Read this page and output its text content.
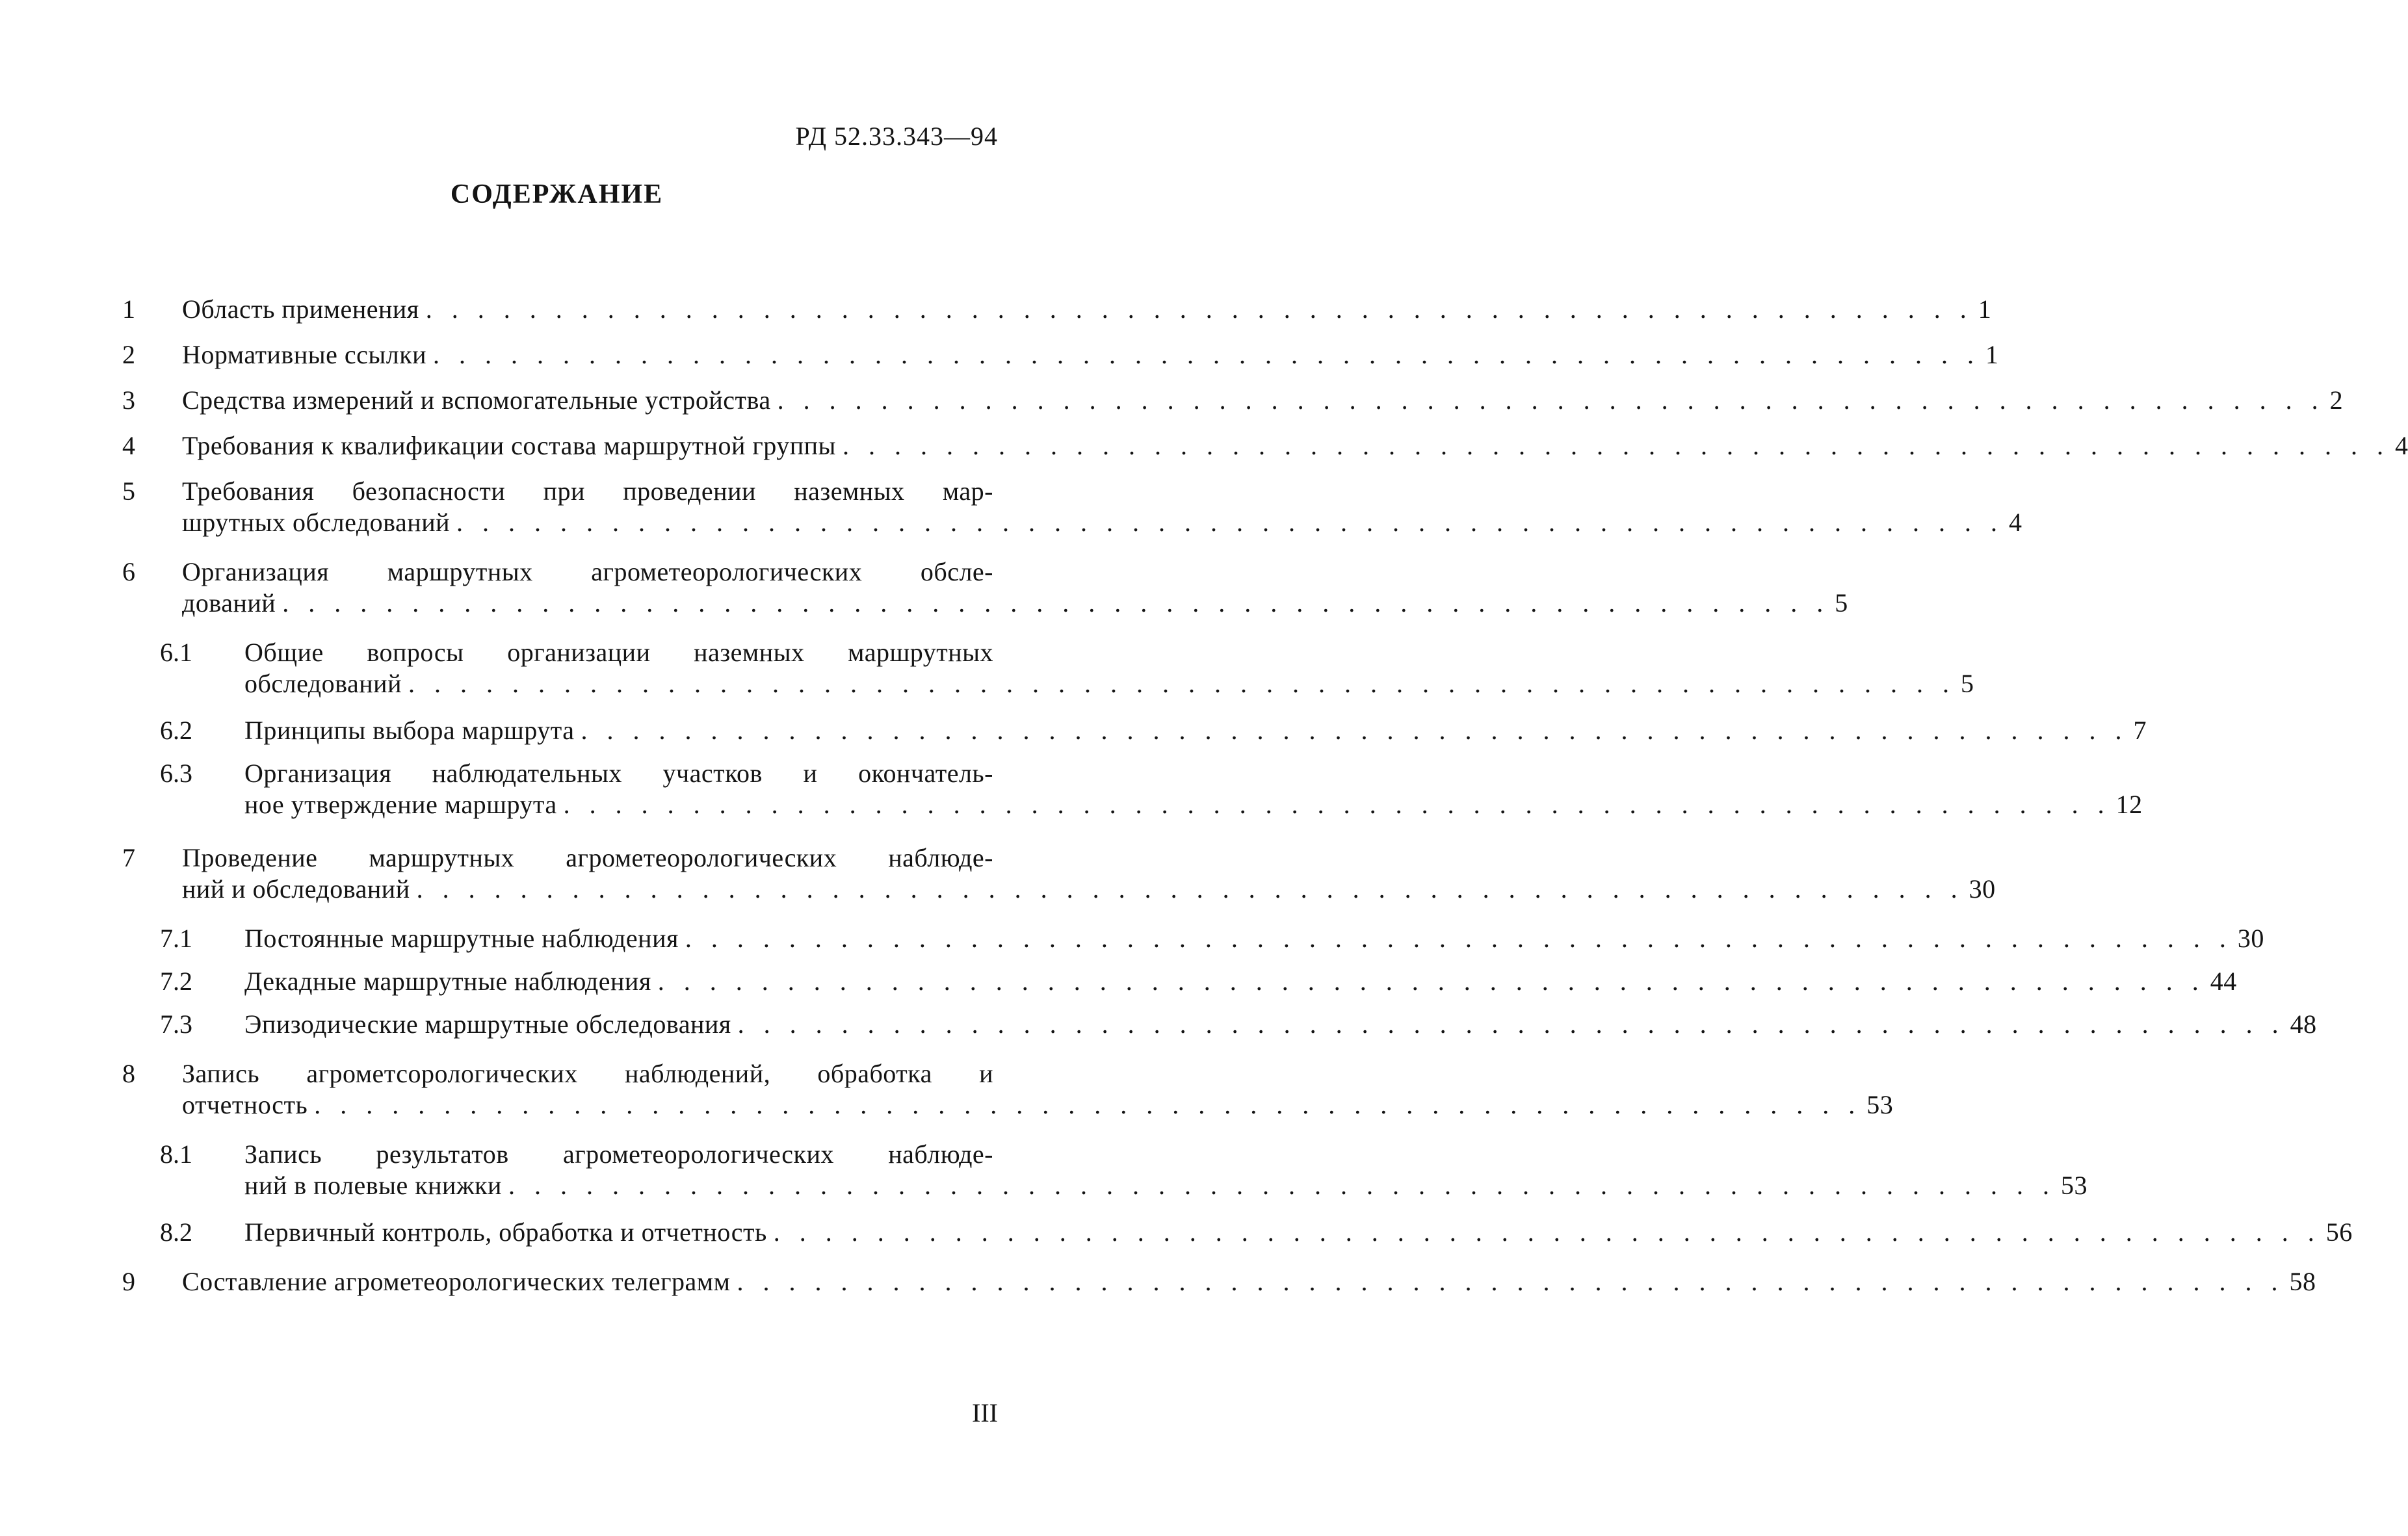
РД 52.33.343—94
СОДЕРЖАНИЕ
1 Область применения . . . . . . . . . . . . . . . . . . . . . . . . . . . . . . . . . . . . . . . . . . . . . . . . . . . . . . . . . . . . 1
2 Нормативные ссылки . . . . . . . . . . . . . . . . . . . . . . . . . . . . . . . . . . . . . . . . . . . . . . . . . . . . . . . . . . . . 1
3 Средства измерений и вспомогательные устройства . . . . . . . . . . . . . . . . . . . . . . . . . . . . . . . . . . . . . . . . . . . . . . . . . . . . . . . . . . . . 2
4 Требования к квалификации состава маршрутной группы . . . . . . . . . . . . . . . . . . . . . . . . . . . . . . . . . . . . . . . . . . . . . . . . . . . . . . . . . . . . 4
5 Требования безопасности при проведении наземных мар-
шрутных обследований . . . . . . . . . . . . . . . . . . . . . . . . . . . . . . . . . . . . . . . . . . . . . . . . . . . . . . . . . . . . 4
6 Организация маршрутных агрометеорологических обсле-
дований . . . . . . . . . . . . . . . . . . . . . . . . . . . . . . . . . . . . . . . . . . . . . . . . . . . . . . . . . . . . 5
6.1 Общие вопросы организации наземных маршрутных
обследований . . . . . . . . . . . . . . . . . . . . . . . . . . . . . . . . . . . . . . . . . . . . . . . . . . . . . . . . . . . . 5
6.2 Принципы выбора маршрута . . . . . . . . . . . . . . . . . . . . . . . . . . . . . . . . . . . . . . . . . . . . . . . . . . . . . . . . . . . . 7
6.3 Организация наблюдательных участков и окончатель-
ное утверждение маршрута . . . . . . . . . . . . . . . . . . . . . . . . . . . . . . . . . . . . . . . . . . . . . . . . . . . . . . . . . . . . 12
7 Проведение маршрутных агрометеорологических наблюде-
ний и обследований . . . . . . . . . . . . . . . . . . . . . . . . . . . . . . . . . . . . . . . . . . . . . . . . . . . . . . . . . . . . 30
7.1 Постоянные маршрутные наблюдения . . . . . . . . . . . . . . . . . . . . . . . . . . . . . . . . . . . . . . . . . . . . . . . . . . . . . . . . . . . . 30
7.2 Декадные маршрутные наблюдения . . . . . . . . . . . . . . . . . . . . . . . . . . . . . . . . . . . . . . . . . . . . . . . . . . . . . . . . . . . . 44
7.3 Эпизодические маршрутные обследования . . . . . . . . . . . . . . . . . . . . . . . . . . . . . . . . . . . . . . . . . . . . . . . . . . . . . . . . . . . . 48
8 Запись агрометсорологических наблюдений, обработка и
отчетность . . . . . . . . . . . . . . . . . . . . . . . . . . . . . . . . . . . . . . . . . . . . . . . . . . . . . . . . . . . . 53
8.1 Запись результатов агрометеорологических наблюде-
ний в полевые книжки . . . . . . . . . . . . . . . . . . . . . . . . . . . . . . . . . . . . . . . . . . . . . . . . . . . . . . . . . . . . 53
8.2 Первичный контроль, обработка и отчетность . . . . . . . . . . . . . . . . . . . . . . . . . . . . . . . . . . . . . . . . . . . . . . . . . . . . . . . . . . . . 56
9 Составление агрометеорологических телеграмм . . . . . . . . . . . . . . . . . . . . . . . . . . . . . . . . . . . . . . . . . . . . . . . . . . . . . . . . . . . . 58
III
